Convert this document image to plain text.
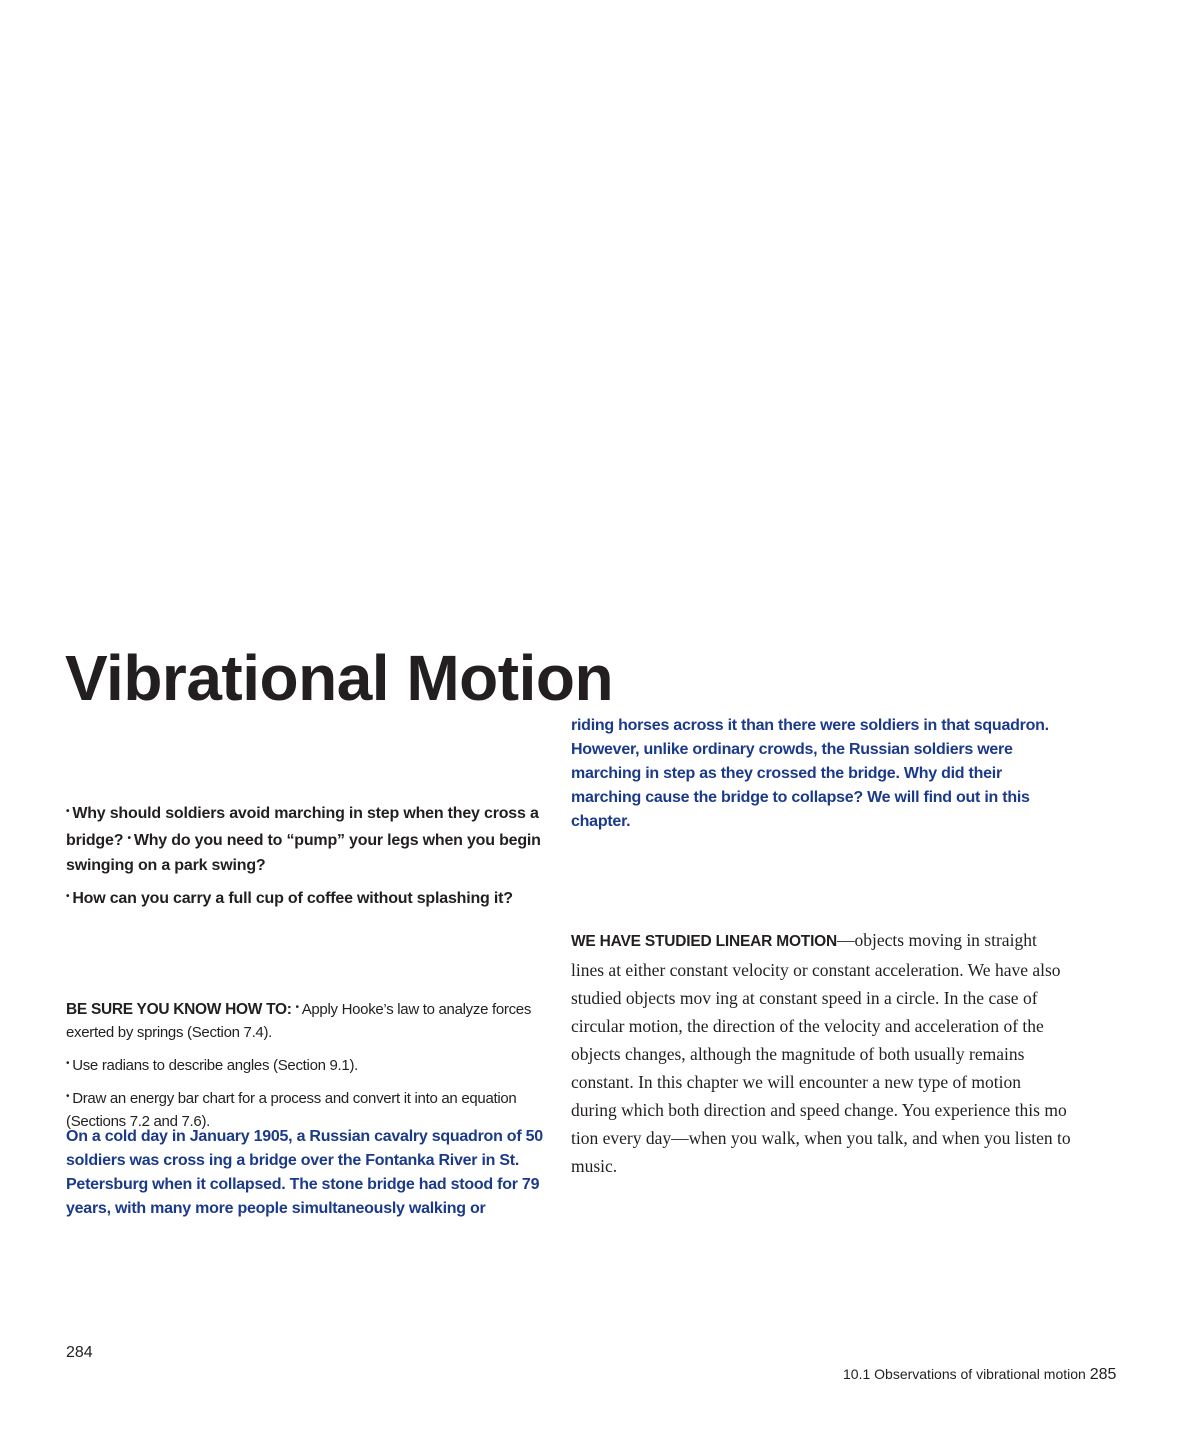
Vibrational Motion

• Why should soldiers avoid marching in step when they cross a bridge? • Why do you need to “pump” your legs when you begin swinging on a park swing?

• How can you carry a full cup of coffee without splashing it?

BE SURE YOU KNOW HOW TO: • Apply Hooke’s law to analyze forces exerted by springs (Section 7.4).

• Use radians to describe angles (Section 9.1).

• Draw an energy bar chart for a process and convert it into an equation (Sections 7.2 and 7.6).

On a cold day in January 1905, a Russian cavalry squadron of 50 soldiers was cross ing a bridge over the Fontanka River in St. Petersburg when it collapsed. The stone bridge had stood for 79 years, with many more people simultaneously walking or

riding horses across it than there were soldiers in that squadron. However, unlike ordinary crowds, the Russian soldiers were marching in step as they crossed the bridge. Why did their marching cause the bridge to collapse? We will find out in this chapter.

WE HAVE STUDIED LINEAR MOTION—objects moving in straight lines at either constant velocity or constant acceleration. We have also studied objects mov ing at constant speed in a circle. In the case of circular motion, the direction of the velocity and acceleration of the objects changes, although the magnitude of both usually remains constant. In this chapter we will encounter a new type of motion during which both direction and speed change. You experience this mo tion every day—when you walk, when you talk, and when you listen to music.

284
10.1 Observations of vibrational motion 285
